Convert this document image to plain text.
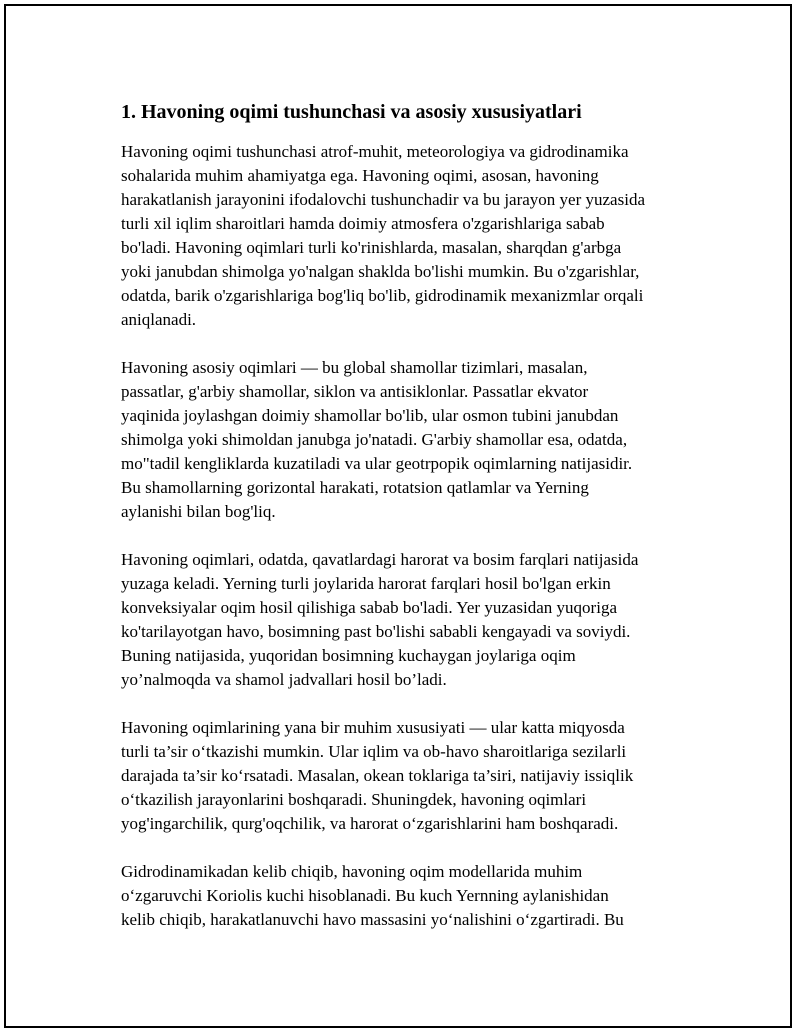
1. Havoning oqimi tushunchasi va asosiy xususiyatlari

Havoning oqimi tushunchasi atrof-muhit, meteorologiya va gidrodinamika
sohalarida muhim ahamiyatga ega. Havoning oqimi, asosan, havoning
harakatlanish jarayonini ifodalovchi tushunchadir va bu jarayon yer yuzasida
turli xil iqlim sharoitlari hamda doimiy atmosfera o'zgarishlariga sabab
bo'ladi. Havoning oqimlari turli ko'rinishlarda, masalan, sharqdan g'arbga
yoki janubdan shimolga yo'nalgan shaklda bo'lishi mumkin. Bu o'zgarishlar,
odatda, barik o'zgarishlariga bog'liq bo'lib, gidrodinamik mexanizmlar orqali
aniqlanadi.

Havoning asosiy oqimlari — bu global shamollar tizimlari, masalan,
passatlar, g'arbiy shamollar, siklon va antisiklonlar. Passatlar ekvator
yaqinida joylashgan doimiy shamollar bo'lib, ular osmon tubini janubdan
shimolga yoki shimoldan janubga jo'natadi. G'arbiy shamollar esa, odatda,
mo"tadil kengliklarda kuzatiladi va ular geotrpopik oqimlarning natijasidir.
Bu shamollarning gorizontal harakati, rotatsion qatlamlar va Yerning
aylanishi bilan bog'liq.

Havoning oqimlari, odatda, qavatlardagi harorat va bosim farqlari natijasida
yuzaga keladi. Yerning turli joylarida harorat farqlari hosil bo'lgan erkin
konveksiyalar oqim hosil qilishiga sabab bo'ladi. Yer yuzasidan yuqoriga
ko'tarilayotgan havo, bosimning past bo'lishi sababli kengayadi va soviydi.
Buning natijasida, yuqoridan bosimning kuchaygan joylariga oqim
yo’nalmoqda va shamol jadvallari hosil bo’ladi.

Havoning oqimlarining yana bir muhim xususiyati — ular katta miqyosda
turli ta’sir o‘tkazishi mumkin. Ular iqlim va ob-havo sharoitlariga sezilarli
darajada ta’sir ko‘rsatadi. Masalan, okean toklariga ta’siri, natijaviy issiqlik
o‘tkazilish jarayonlarini boshqaradi. Shuningdek, havoning oqimlari
yog'ingarchilik, qurg'oqchilik, va harorat o‘zgarishlarini ham boshqaradi.

Gidrodinamikadan kelib chiqib, havoning oqim modellarida muhim
o‘zgaruvchi Koriolis kuchi hisoblanadi. Bu kuch Yernning aylanishidan
kelib chiqib, harakatlanuvchi havo massasini yo‘nalishini o‘zgartiradi. Bu
